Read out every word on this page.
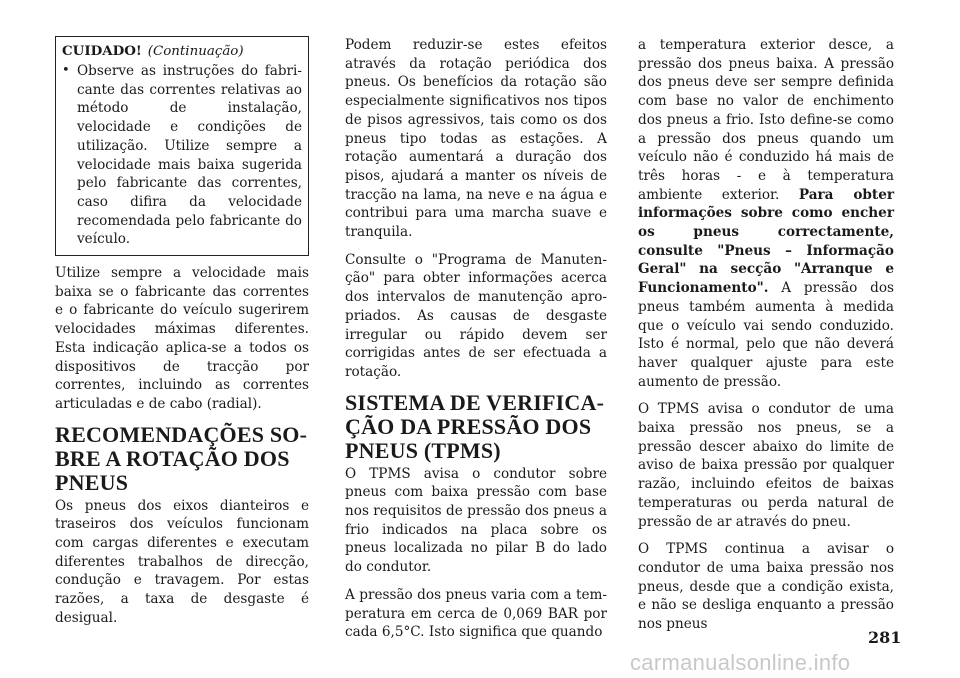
CUIDADO! (Continuação)
• Observe as instruções do fabricante das correntes relativas ao método de instalação, velocidade e condições de utilização. Utilize sempre a velocidade mais baixa sugerida pelo fabricante das correntes, caso difira da velocidade recomendada pelo fabricante do veículo.

Utilize sempre a velocidade mais baixa se o fabricante das correntes e o fabricante do veículo sugerirem velocidades máximas diferentes. Esta indicação aplica-se a todos os dispositivos de tracção por correntes, incluindo as correntes articuladas e de cabo (radial).

RECOMENDAÇÕES SOBRE A ROTAÇÃO DOS PNEUS

Os pneus dos eixos dianteiros e traseiros dos veículos funcionam com cargas diferentes e executam diferentes trabalhos de direcção, condução e travagem. Por estas razões, a taxa de desgaste é desigual.

Podem reduzir-se estes efeitos através da rotação periódica dos pneus. Os benefícios da rotação são especialmente significativos nos tipos de pisos agressivos, tais como os dos pneus tipo todas as estações. A rotação aumentará a duração dos pisos, ajudará a manter os níveis de tracção na lama, na neve e na água e contribui para uma marcha suave e tranquila.

Consulte o "Programa de Manutenção" para obter informações acerca dos intervalos de manutenção apropriados. As causas de desgaste irregular ou rápido devem ser corrigidas antes de ser efectuada a rotação.

SISTEMA DE VERIFICAÇÃO DA PRESSÃO DOS PNEUS (TPMS)

O TPMS avisa o condutor sobre pneus com baixa pressão com base nos requisitos de pressão dos pneus a frio indicados na placa sobre os pneus localizada no pilar B do lado do condutor.

A pressão dos pneus varia com a temperatura em cerca de 0,069 BAR por cada 6,5°C. Isto significa que quando

a temperatura exterior desce, a pressão dos pneus baixa. A pressão dos pneus deve ser sempre definida com base no valor de enchimento dos pneus a frio. Isto define-se como a pressão dos pneus quando um veículo não é conduzido há mais de três horas - e à temperatura ambiente exterior. Para obter informações sobre como encher os pneus correctamente, consulte "Pneus – Informação Geral" na secção "Arranque e Funcionamento". A pressão dos pneus também aumenta à medida que o veículo vai sendo conduzido. Isto é normal, pelo que não deverá haver qualquer ajuste para este aumento de pressão.

O TPMS avisa o condutor de uma baixa pressão nos pneus, se a pressão descer abaixo do limite de aviso de baixa pressão por qualquer razão, incluindo efeitos de baixas temperaturas ou perda natural de pressão de ar através do pneu.

O TPMS continua a avisar o condutor de uma baixa pressão nos pneus, desde que a condição exista, e não se desliga enquanto a pressão nos pneus

281
carmanualsonline.info
